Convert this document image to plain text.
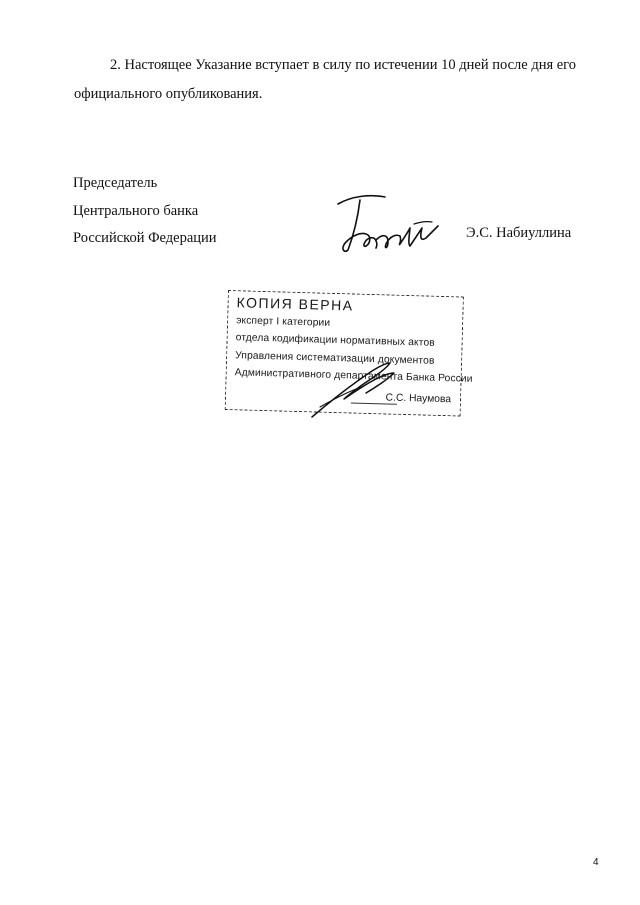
2. Настоящее Указание вступает в силу по истечении 10 дней после дня его официального опубликования.

Председатель
Центрального банка
Российской Федерации	Э.С. Набиуллина
КОПИЯ ВЕРНА
эксперт I категории
отдела кодификации нормативных актов
Управления систематизации документов
Административного департамента Банка России
С.С. Наумова
4
